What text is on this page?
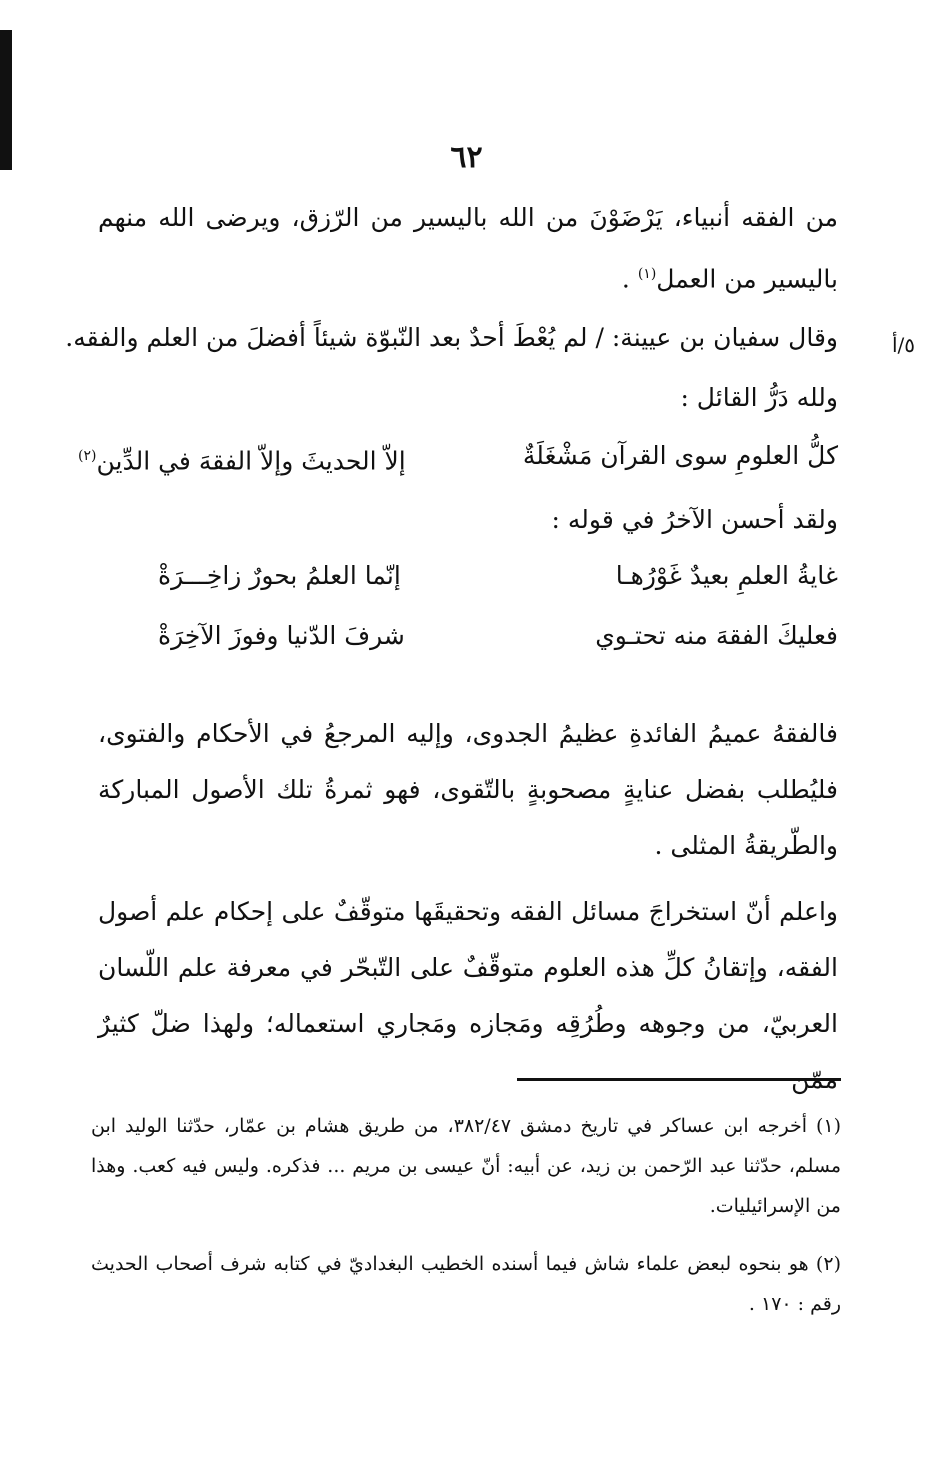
٦٢

من الفقه أنبياء، يَرْضَوْنَ من الله باليسير من الرّزق، ويرضى الله منهم باليسير من العمل$^{(١)}$ .

٥/أ
وقال سفيان بن عيينة: / لم يُعْطَ أحدٌ بعد النّبوّة شيئاً أفضلَ من العلم والفقه.
ولله دَرُّ القائل :
كلُّ العلومِ سوى القرآن مَشْغَلَةٌ
إلاّ الحديثَ وإلاّ الفقهَ في الدِّين$^{(٢)}$
ولقد أحسن الآخرُ في قوله :
غايةُ العلمِ بعيدٌ غَوْرُهـا
إنّما العلمُ بحورٌ زاخِـــرَةْ
فعليكَ الفقهَ منه تحتـوي
شرفَ الدّنيا وفوزَ الآخِرَةْ

فالفقهُ عميمُ الفائدةِ عظيمُ الجدوى، وإليه المرجعُ في الأحكام والفتوى، فليُطلب بفضل عنايةٍ مصحوبةٍ بالتّقوى، فهو ثمرةُ تلك الأصول المباركة والطّريقةُ المثلى .

واعلم أنّ استخراجَ مسائل الفقه وتحقيقَها متوقّفٌ على إحكام علم أصول الفقه، وإتقانُ كلِّ هذه العلوم متوقّفٌ على التّبحّر في معرفة علم اللّسان العربيّ، من وجوهه وطُرُقِه ومَجازه ومَجاري استعماله؛ ولهذا ضلّ كثيرٌ ممّن

(١) أخرجه ابن عساكر في تاريخ دمشق ٣٨٢/٤٧، من طريق هشام بن عمّار، حدّثنا الوليد ابن مسلم، حدّثنا عبد الرّحمن بن زيد، عن أبيه: أنّ عيسى بن مريم ... فذكره. وليس فيه كعب. وهذا من الإسرائيليات.

(٢) هو بنحوه لبعض علماء شاش فيما أسنده الخطيب البغداديّ في كتابه شرف أصحاب الحديث رقم : ١٧٠ .
